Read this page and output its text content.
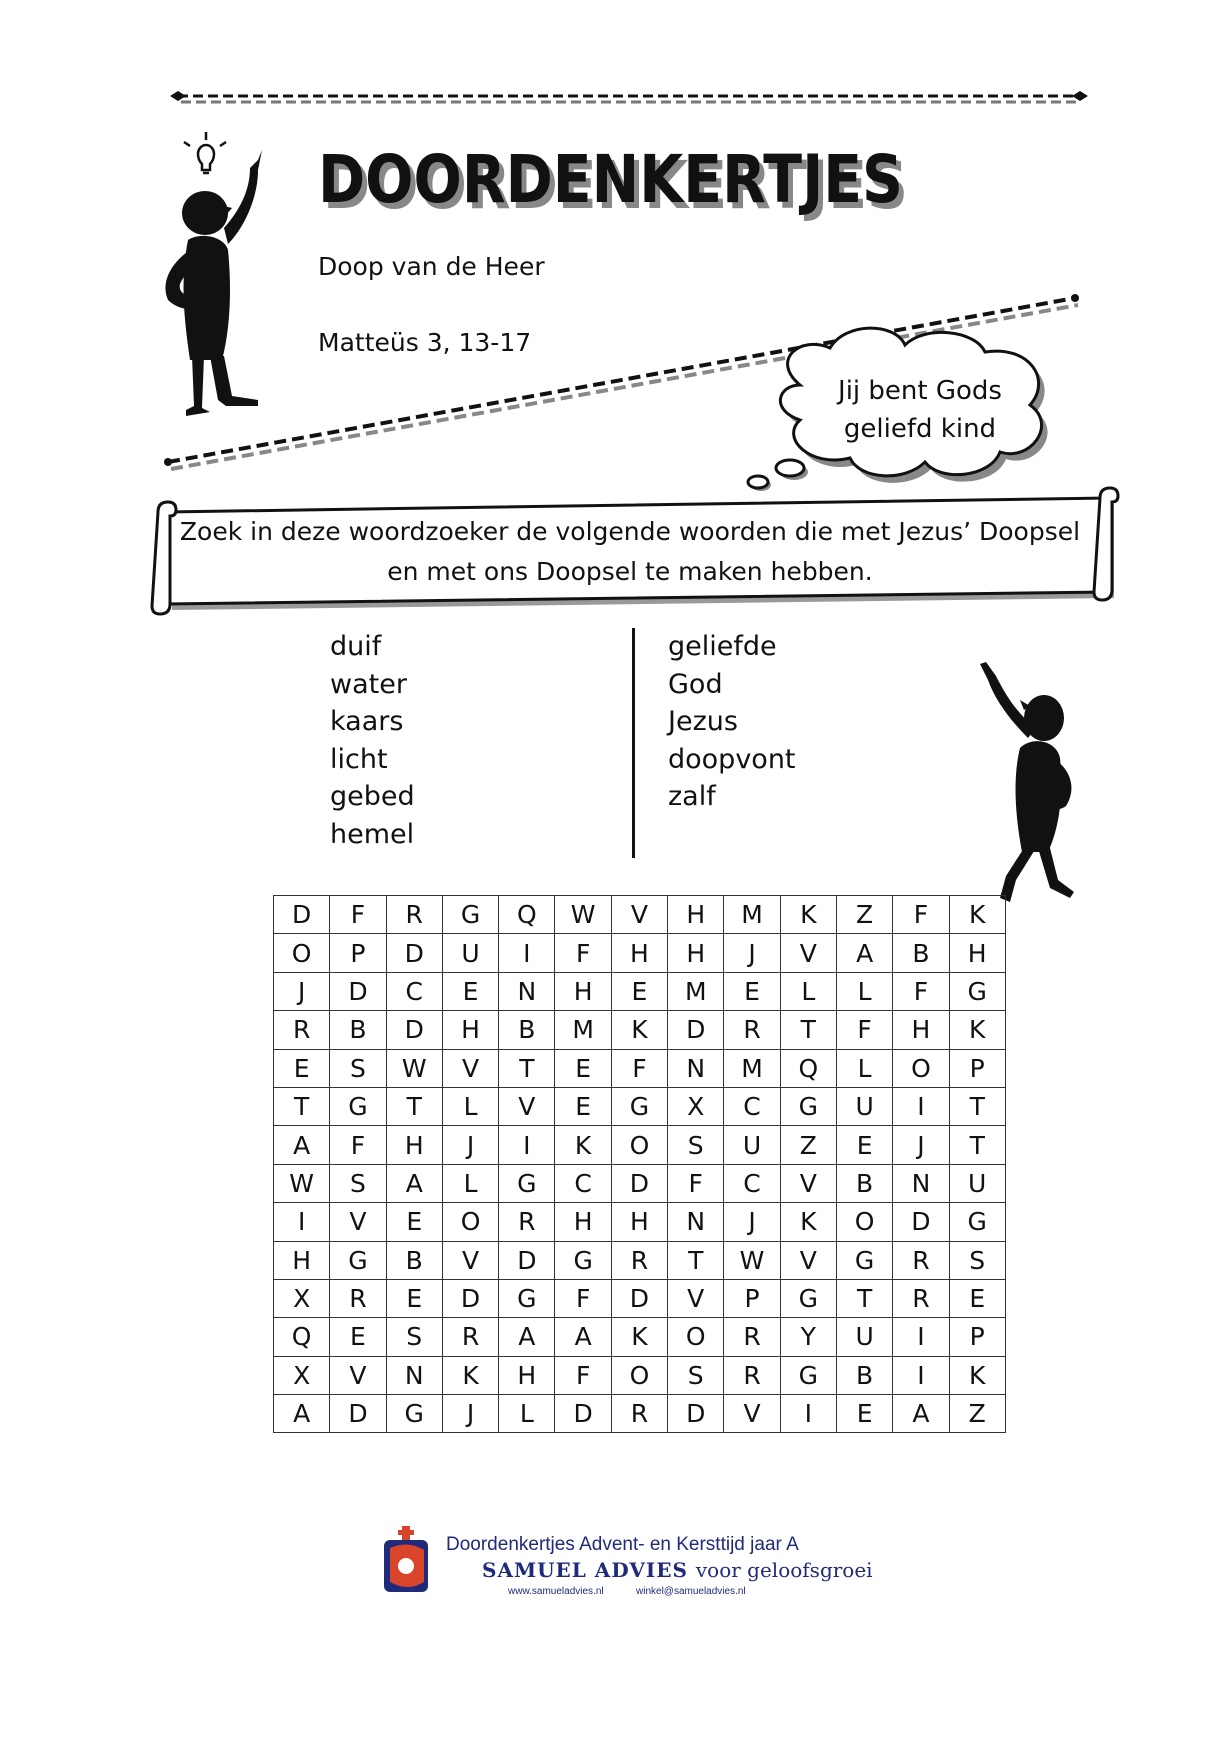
DOORDENKERTJES
DOORDENKERTJES
Doop van de Heer
Matteüs 3, 13-17
Jij bent Gods
geliefd kind
Zoek in deze woordzoeker de volgende woorden die met Jezus’ Doopsel
en met ons Doopsel te maken hebben.
duif
water
kaars
licht
gebed
hemel
geliefde
God
Jezus
doopvont
zalf
D	F	R	G	Q	W	V	H	M	K	Z	F	K
O	P	D	U	I	F	H	H	J	V	A	B	H
J	D	C	E	N	H	E	M	E	L	L	F	G
R	B	D	H	B	M	K	D	R	T	F	H	K
E	S	W	V	T	E	F	N	M	Q	L	O	P
T	G	T	L	V	E	G	X	C	G	U	I	T
A	F	H	J	I	K	O	S	U	Z	E	J	T
W	S	A	L	G	C	D	F	C	V	B	N	U
I	V	E	O	R	H	H	N	J	K	O	D	G
H	G	B	V	D	G	R	T	W	V	G	R	S
X	R	E	D	G	F	D	V	P	G	T	R	E
Q	E	S	R	A	A	K	O	R	Y	U	I	P
X	V	N	K	H	F	O	S	R	G	B	I	K
A	D	G	J	L	D	R	D	V	I	E	A	Z
Doordenkertjes Advent- en Kersttijd jaar A
SAMUEL ADVIES voor geloofsgroei
www.samueladvies.nl	winkel@samueladvies.nl
